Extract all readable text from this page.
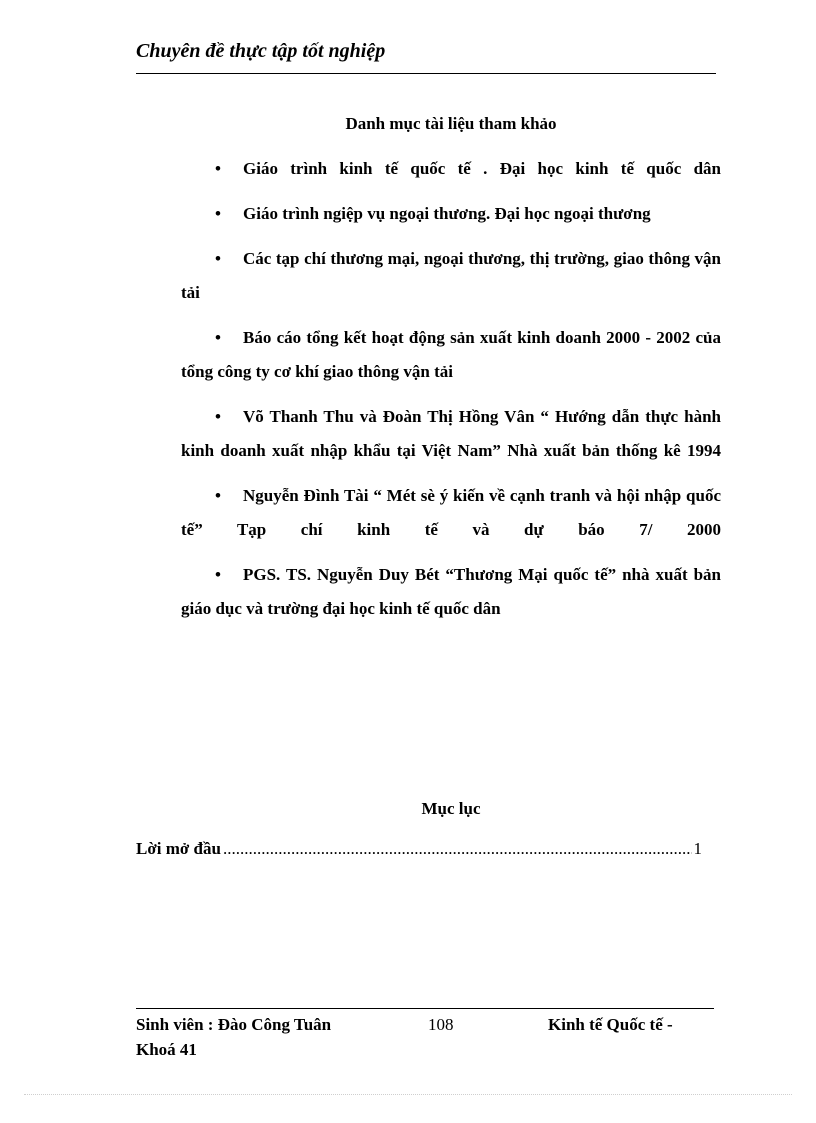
Chuyên đề thực tập tốt nghiệp
Danh mục tài liệu tham khảo
• Giáo trình kinh tế quốc tế . Đại học kinh tế quốc dân
• Giáo trình ngiệp vụ ngoại thương. Đại học ngoại thương
• Các tạp chí thương mại, ngoại thương, thị trường, giao thông vận tải
• Báo cáo tổng kết hoạt động sản xuất kinh doanh 2000 - 2002 của tổng công ty cơ khí giao thông vận tải
• Võ Thanh Thu và Đoàn Thị Hồng Vân “ Hướng dẫn thực hành kinh doanh xuất nhập khẩu tại Việt Nam” Nhà xuất bản thống kê 1994
• Nguyễn Đình Tài “ Mét sè ý kiến về cạnh tranh và hội nhập quốc tế” Tạp chí kinh tế và dự báo 7/ 2000
• PGS. TS. Nguyễn Duy Bét “Thương Mại quốc tế” nhà xuất bản giáo dục và trường đại học kinh tế quốc dân
Mục lục
Lời mở đầu
.....	1
Sinh viên : Đào Công Tuân	108	Kinh tế Quốc tế -
Khoá 41
